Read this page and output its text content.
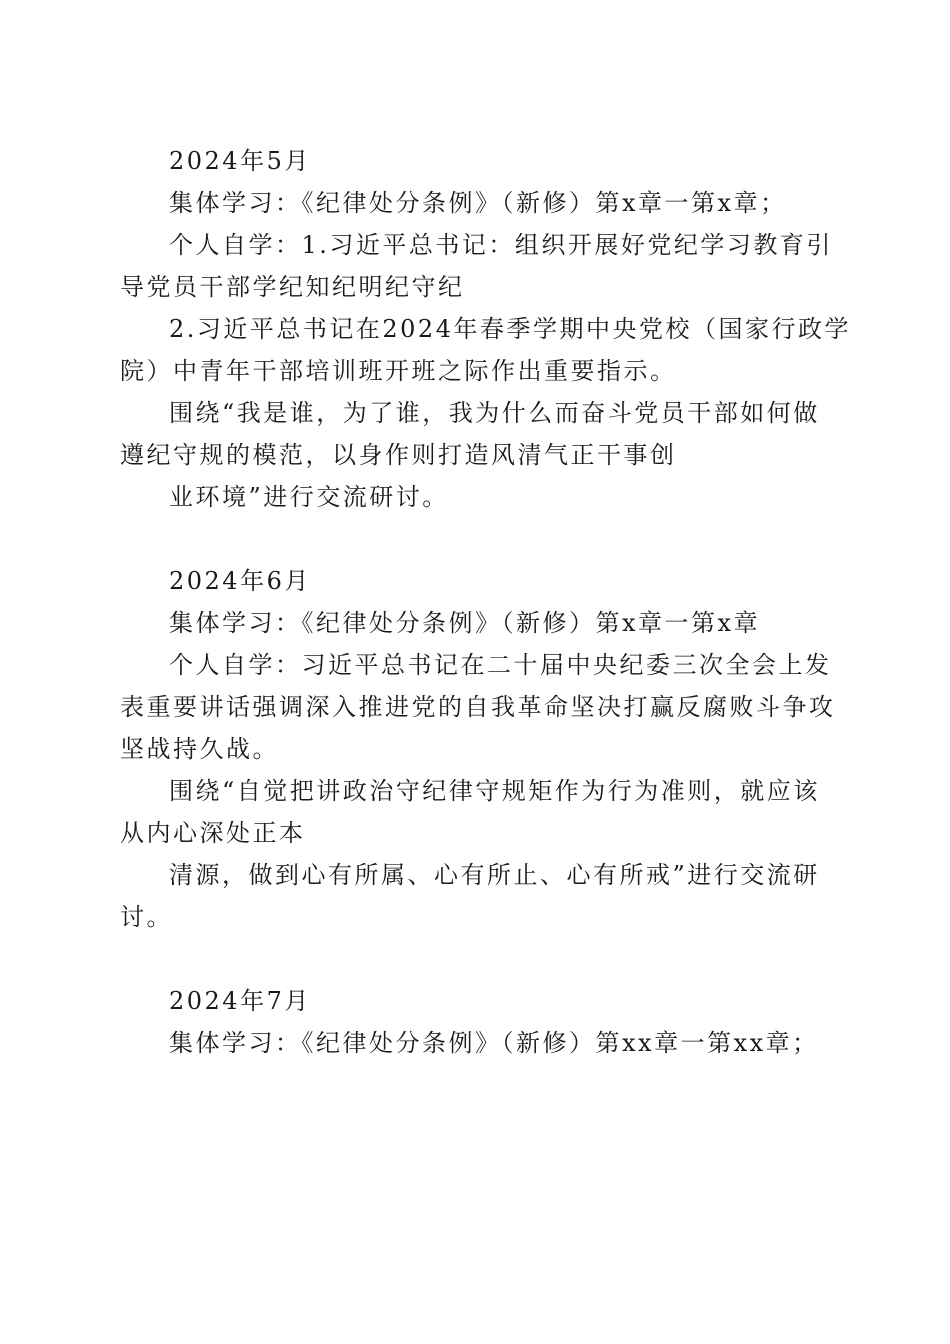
2024年5月

集体学习：《纪律处分条例》（新修）第x章一第x章；

个人自学：1.习近平总书记：组织开展好党纪学习教育引

导党员干部学纪知纪明纪守纪

2.习近平总书记在2024年春季学期中央党校（国家行政学

院）中青年干部培训班开班之际作出重要指示。

围绕“我是谁，为了谁，我为什么而奋斗党员干部如何做

遵纪守规的模范，以身作则打造风清气正干事创

业环境”进行交流研讨。

2024年6月

集体学习：《纪律处分条例》（新修）第x章一第x章

个人自学：习近平总书记在二十届中央纪委三次全会上发

表重要讲话强调深入推进党的自我革命坚决打赢反腐败斗争攻

坚战持久战。

围绕“自觉把讲政治守纪律守规矩作为行为准则，就应该

从内心深处正本

清源，做到心有所属、心有所止、心有所戒”进行交流研

讨。

2024年7月

集体学习：《纪律处分条例》（新修）第xx章一第xx章；
